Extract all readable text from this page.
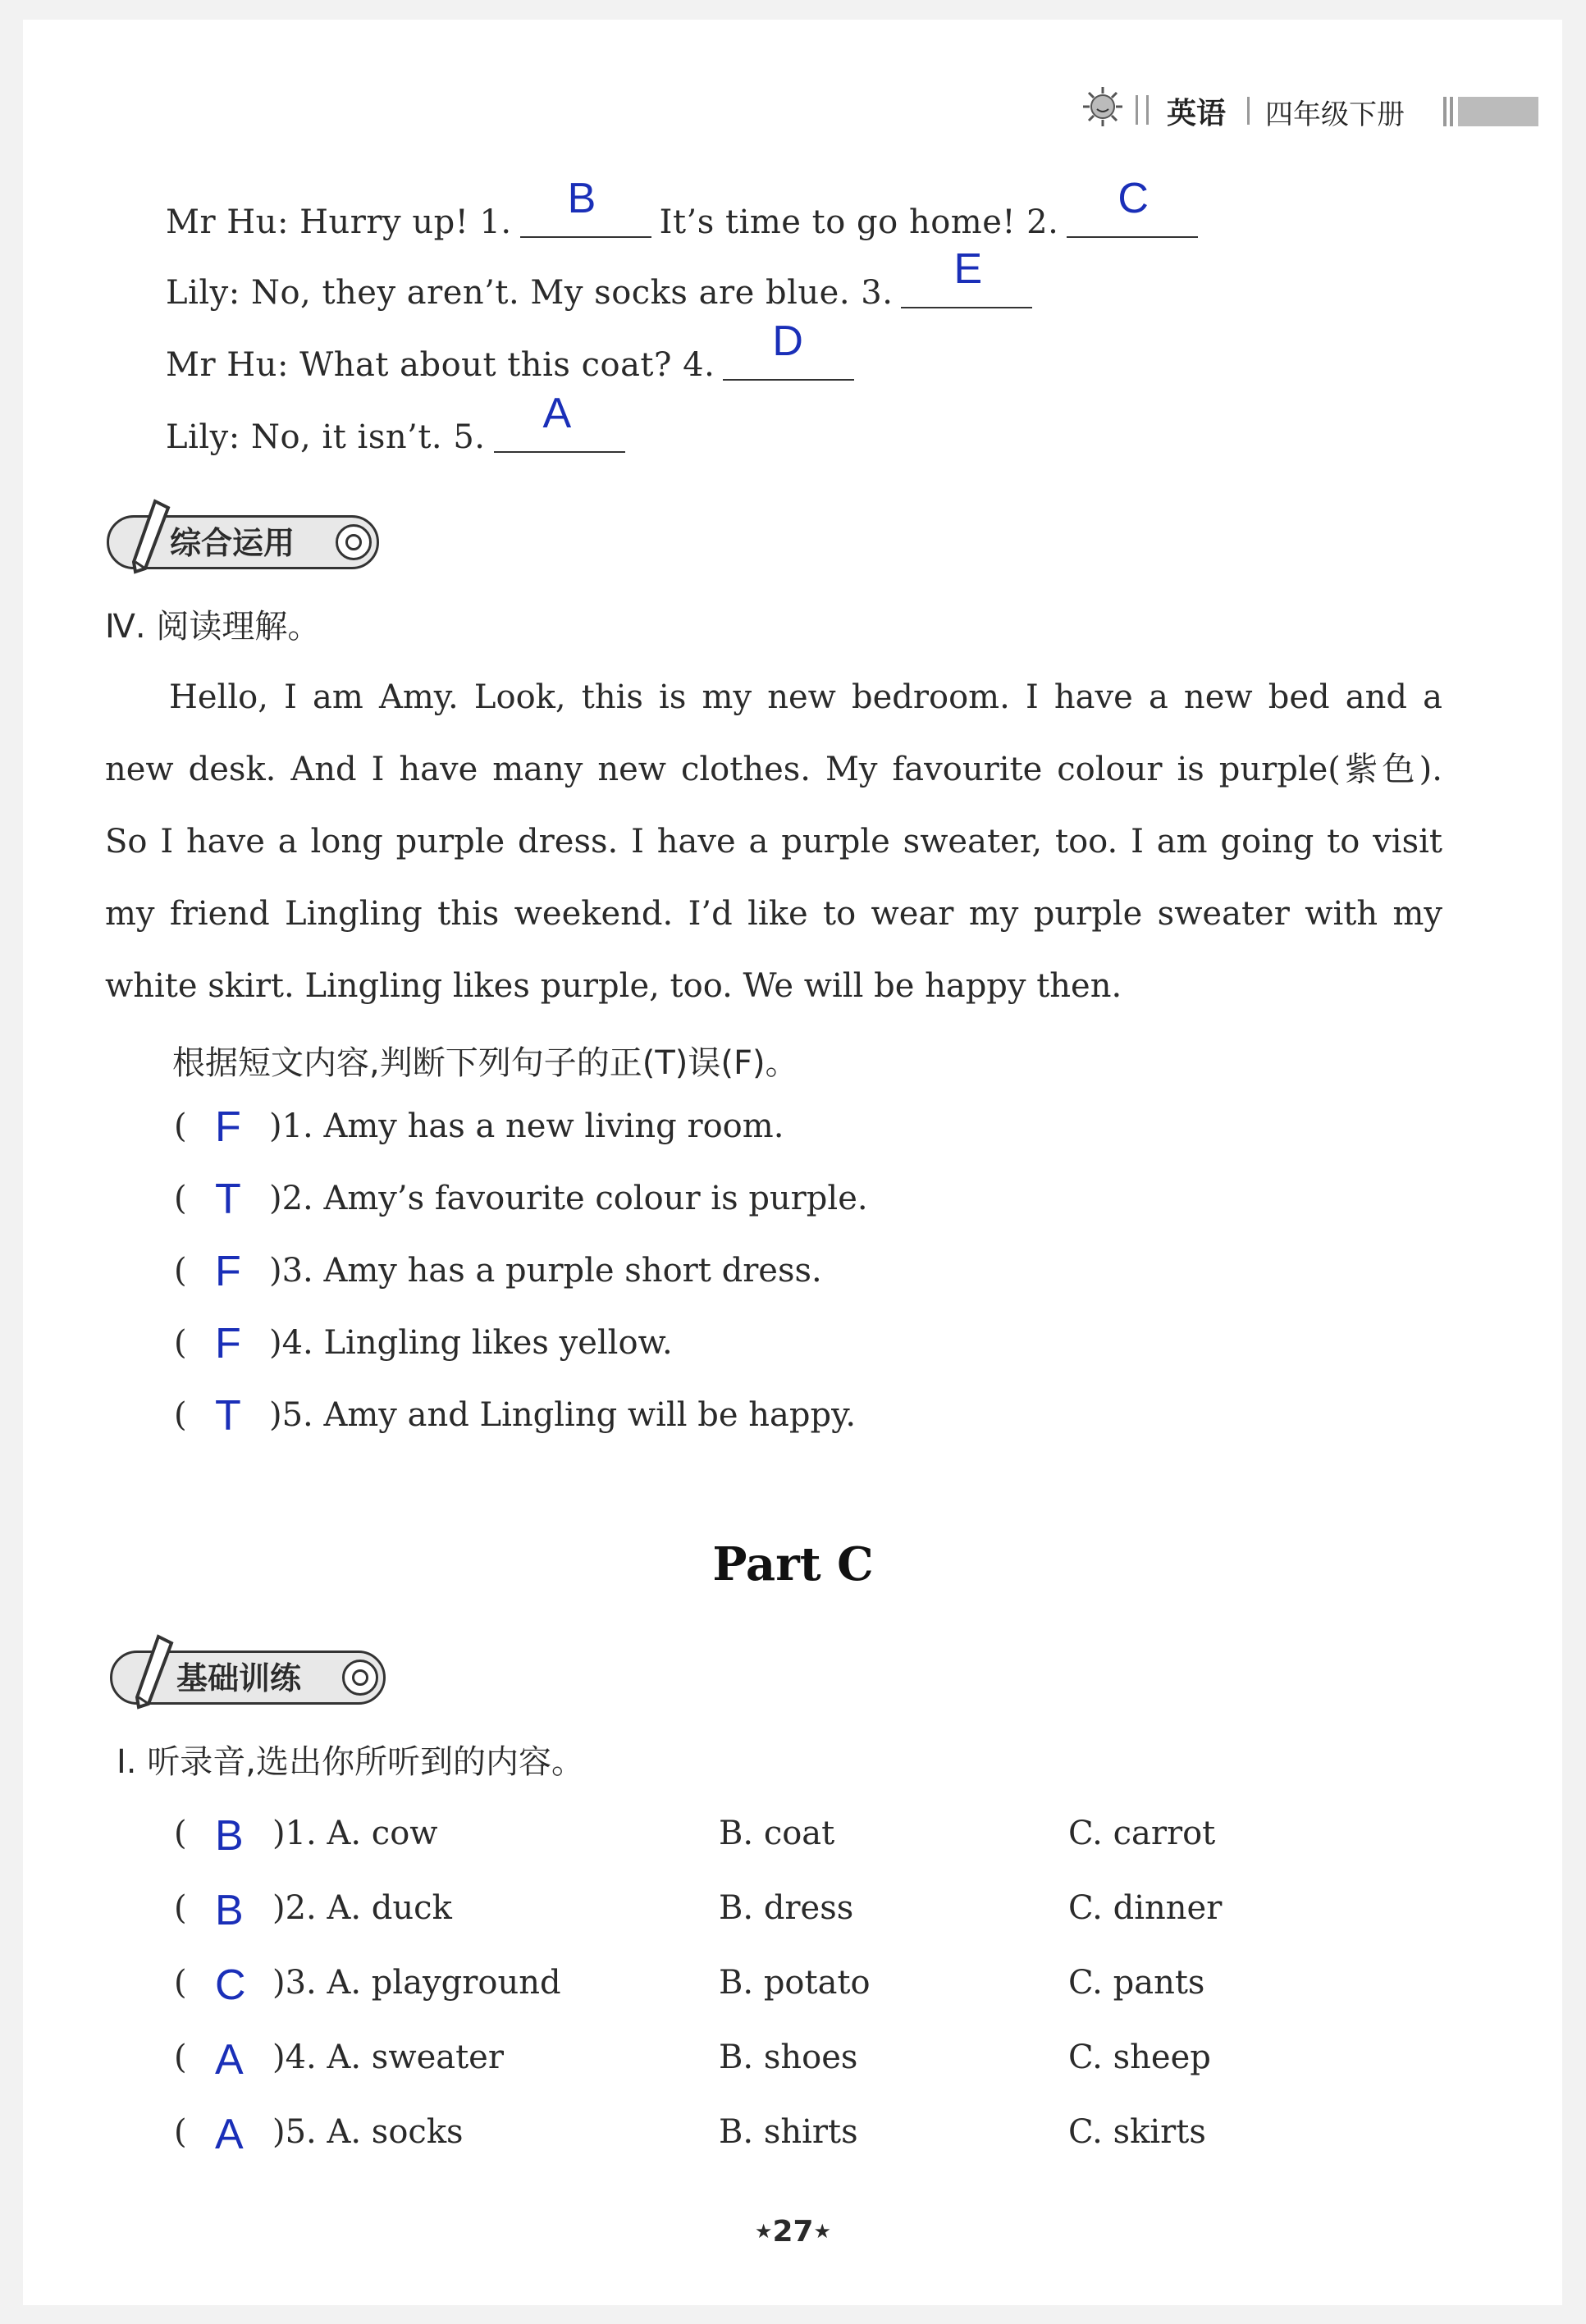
英语 四年级下册
Mr Hu: Hurry up! 1. B It’s time to go home! 2. C
Lily: No, they aren’t. My socks are blue. 3. E
Mr Hu: What about this coat? 4. D
Lily: No, it isn’t. 5. A
综合运用
Ⅳ. 阅读理解。
Hello, I am Amy. Look, this is my new bedroom. I have a new bed and a
new desk. And I have many new clothes. My favourite colour is purple(紫色).
So I have a long purple dress. I have a purple sweater, too. I am going to visit
my friend Lingling this weekend. I’d like to wear my purple sweater with my
white skirt. Lingling likes purple, too. We will be happy then.
根据短文内容,判断下列句子的正(T)误(F)。
( F )1. Amy has a new living room.
( T )2. Amy’s favourite colour is purple.
( F )3. Amy has a purple short dress.
( F )4. Lingling likes yellow.
( T )5. Amy and Lingling will be happy.
Part C
基础训练
Ⅰ. 听录音,选出你所听到的内容。
( B )1. A. cow	B. coat	C. carrot
( B )2. A. duck	B. dress	C. dinner
( C )3. A. playground	B. potato	C. pants
( A )4. A. sweater	B. shoes	C. sheep
( A )5. A. socks	B. shirts	C. skirts
★27★
